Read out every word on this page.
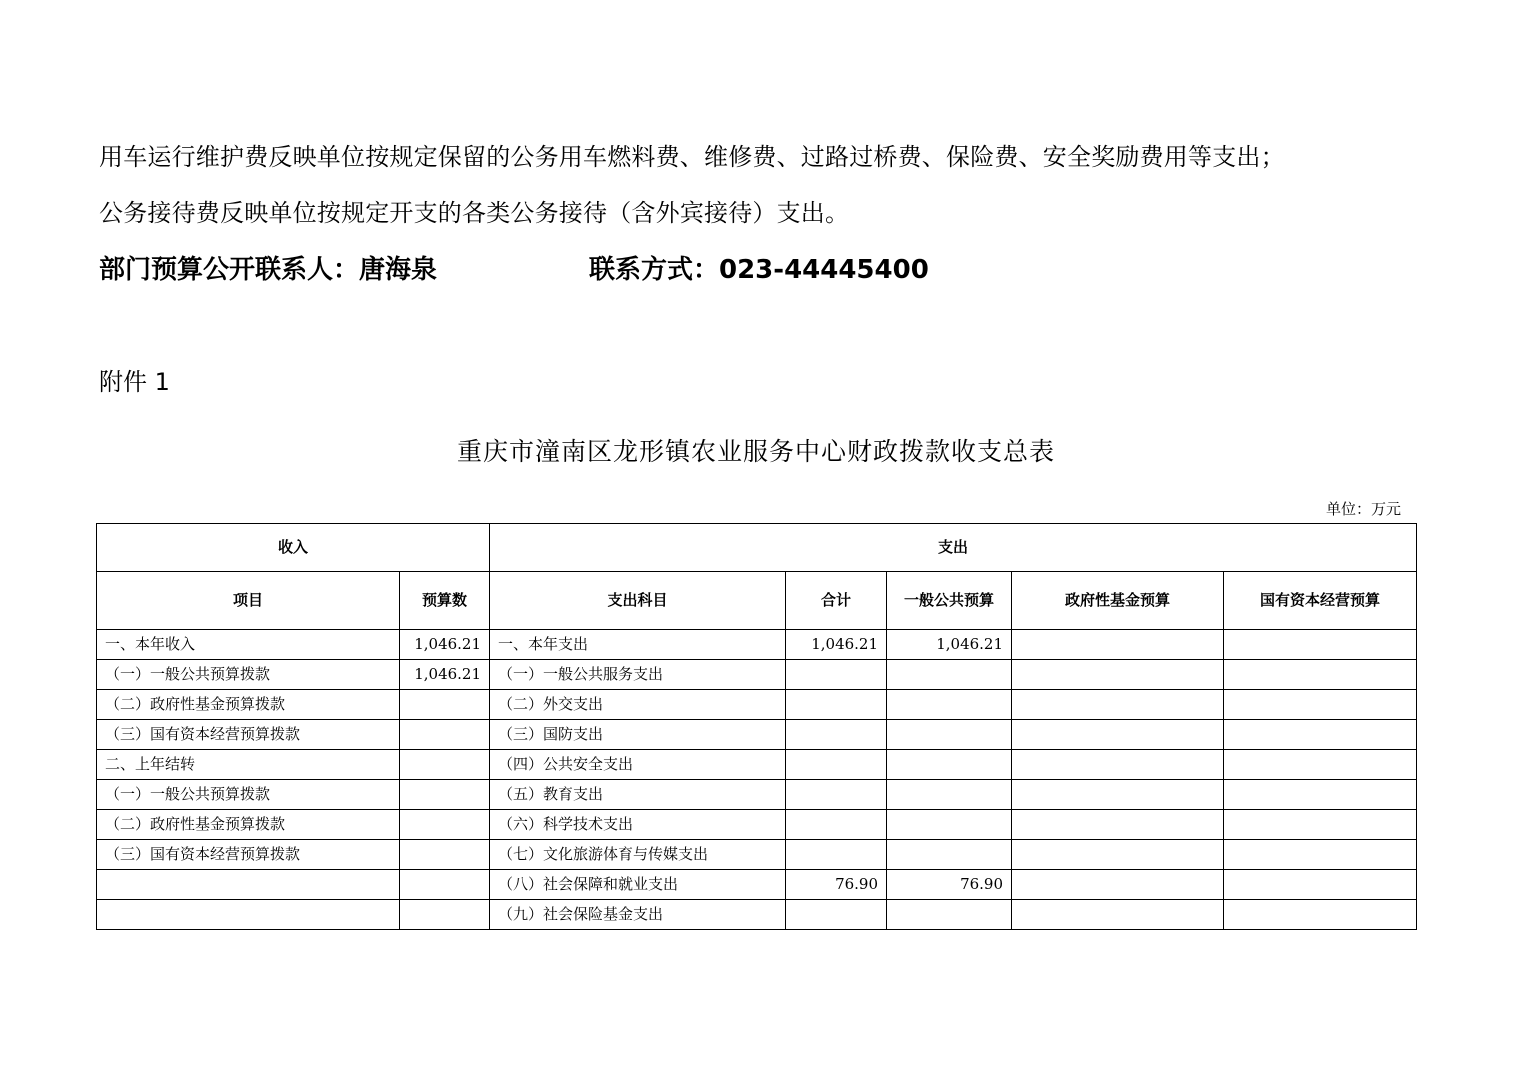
用车运行维护费反映单位按规定保留的公务用车燃料费、维修费、过路过桥费、保险费、安全奖励费用等支出；
公务接待费反映单位按规定开支的各类公务接待（含外宾接待）支出。
部门预算公开联系人：唐海泉	联系方式：023-44445400
附件 1
重庆市潼南区龙形镇农业服务中心财政拨款收支总表
单位：万元
收入		支出				
项目	预算数	支出科目	合计	一般公共预算	政府性基金预算	国有资本经营预算
一、本年收入	1,046.21	一、本年支出	1,046.21	1,046.21		
（一）一般公共预算拨款	1,046.21	（一）一般公共服务支出				
（二）政府性基金预算拨款		（二）外交支出				
（三）国有资本经营预算拨款		（三）国防支出				
二、上年结转		（四）公共安全支出				
（一）一般公共预算拨款		（五）教育支出				
（二）政府性基金预算拨款		（六）科学技术支出				
（三）国有资本经营预算拨款		（七）文化旅游体育与传媒支出				
		（八）社会保障和就业支出	76.90	76.90		
		（九）社会保险基金支出				
